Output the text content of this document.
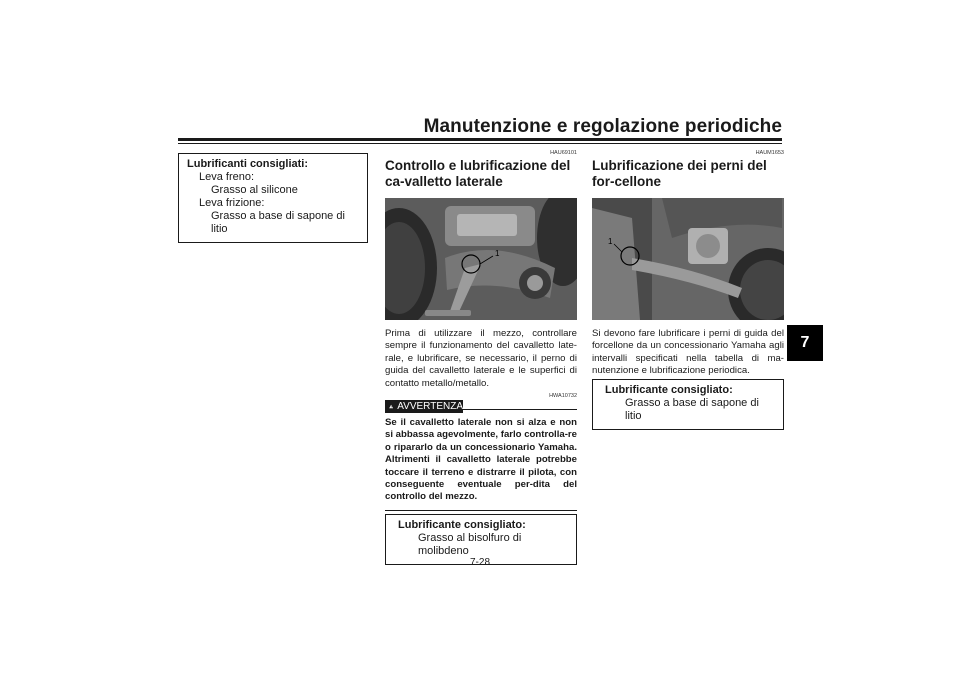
Manutenzione e regolazione periodiche
7
Lubrificanti consigliati:
Leva freno:
Grasso al silicone
Leva frizione:
Grasso a base di sapone di litio
HAU69101
Controllo e lubrificazione del ca-valletto laterale
1
Prima di utilizzare il mezzo, controllare sempre il funzionamento del cavalletto late-rale, e lubrificare, se necessario, il perno di guida del cavalletto laterale e le superfici di contatto metallo/metallo.
HWA10732
AVVERTENZA
Se il cavalletto laterale non si alza e non si abbassa agevolmente, farlo controlla-re o ripararlo da un concessionario Yamaha. Altrimenti il cavalletto laterale potrebbe toccare il terreno e distrarre il pilota, con conseguente eventuale per-dita del controllo del mezzo.
Lubrificante consigliato:
Grasso al bisolfuro di molibdeno
HAUM1653
Lubrificazione dei perni del for-cellone
1
Si devono fare lubrificare i perni di guida del forcellone da un concessionario Yamaha agli intervalli specificati nella tabella di ma-nutenzione e lubrificazione periodica.
Lubrificante consigliato:
Grasso a base di sapone di litio
7-28
